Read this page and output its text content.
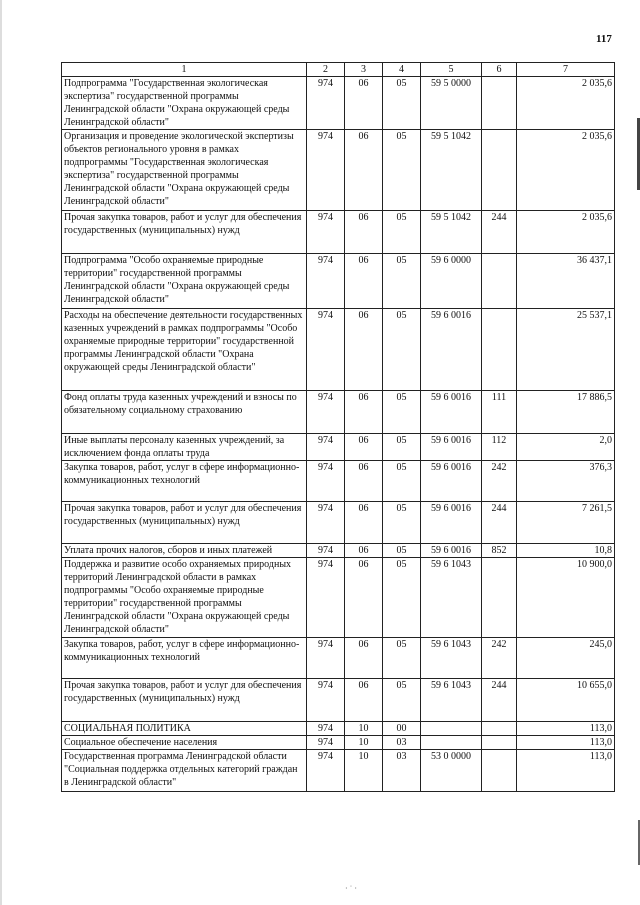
117
1	2	3	4	5	6	7
Подпрограмма "Государственная экологическая экспертиза" государственной программы Ленинградской области "Охрана окружающей среды Ленинградской области"	974	06	05	59 5 0000		2 035,6
Организация и проведение экологической экспертизы объектов регионального уровня в рамках подпрограммы "Государственная экологическая экспертиза" государственной программы Ленинградской области "Охрана окружающей среды Ленинградской области"	974	06	05	59 5 1042		2 035,6
Прочая закупка товаров, работ и услуг для обеспечения государственных (муниципальных) нужд	974	06	05	59 5 1042	244	2 035,6
Подпрограмма "Особо охраняемые природные территории" государственной программы Ленинградской области "Охрана окружающей среды Ленинградской области"	974	06	05	59 6 0000		36 437,1
Расходы на обеспечение деятельности государственных казенных учреждений в рамках подпрограммы "Особо охраняемые природные территории" государственной программы Ленинградской области "Охрана окружающей среды Ленинградской области"	974	06	05	59 6 0016		25 537,1
Фонд оплаты труда казенных учреждений и взносы по обязательному социальному страхованию	974	06	05	59 6 0016	111	17 886,5
Иные выплаты персоналу казенных учреждений, за исключением фонда оплаты труда	974	06	05	59 6 0016	112	2,0
Закупка товаров, работ, услуг в сфере информационно-коммуникационных технологий	974	06	05	59 6 0016	242	376,3
Прочая закупка товаров, работ и услуг для обеспечения государственных (муниципальных) нужд	974	06	05	59 6 0016	244	7 261,5
Уплата прочих налогов, сборов и иных платежей	974	06	05	59 6 0016	852	10,8
Поддержка и развитие особо охраняемых природных территорий Ленинградской области в рамках подпрограммы "Особо охраняемые природные территории" государственной программы Ленинградской области "Охрана окружающей среды Ленинградской области"	974	06	05	59 6 1043		10 900,0
Закупка товаров, работ, услуг в сфере информационно-коммуникационных технологий	974	06	05	59 6 1043	242	245,0
Прочая закупка товаров, работ и услуг для обеспечения государственных (муниципальных) нужд	974	06	05	59 6 1043	244	10 655,0
СОЦИАЛЬНАЯ ПОЛИТИКА	974	10	00			113,0
Социальное обеспечение населения	974	10	03			113,0
Государственная программа Ленинградской области "Социальная поддержка отдельных категорий граждан в Ленинградской области"	974	10	03	53 0 0000		113,0
· ˙ ·
